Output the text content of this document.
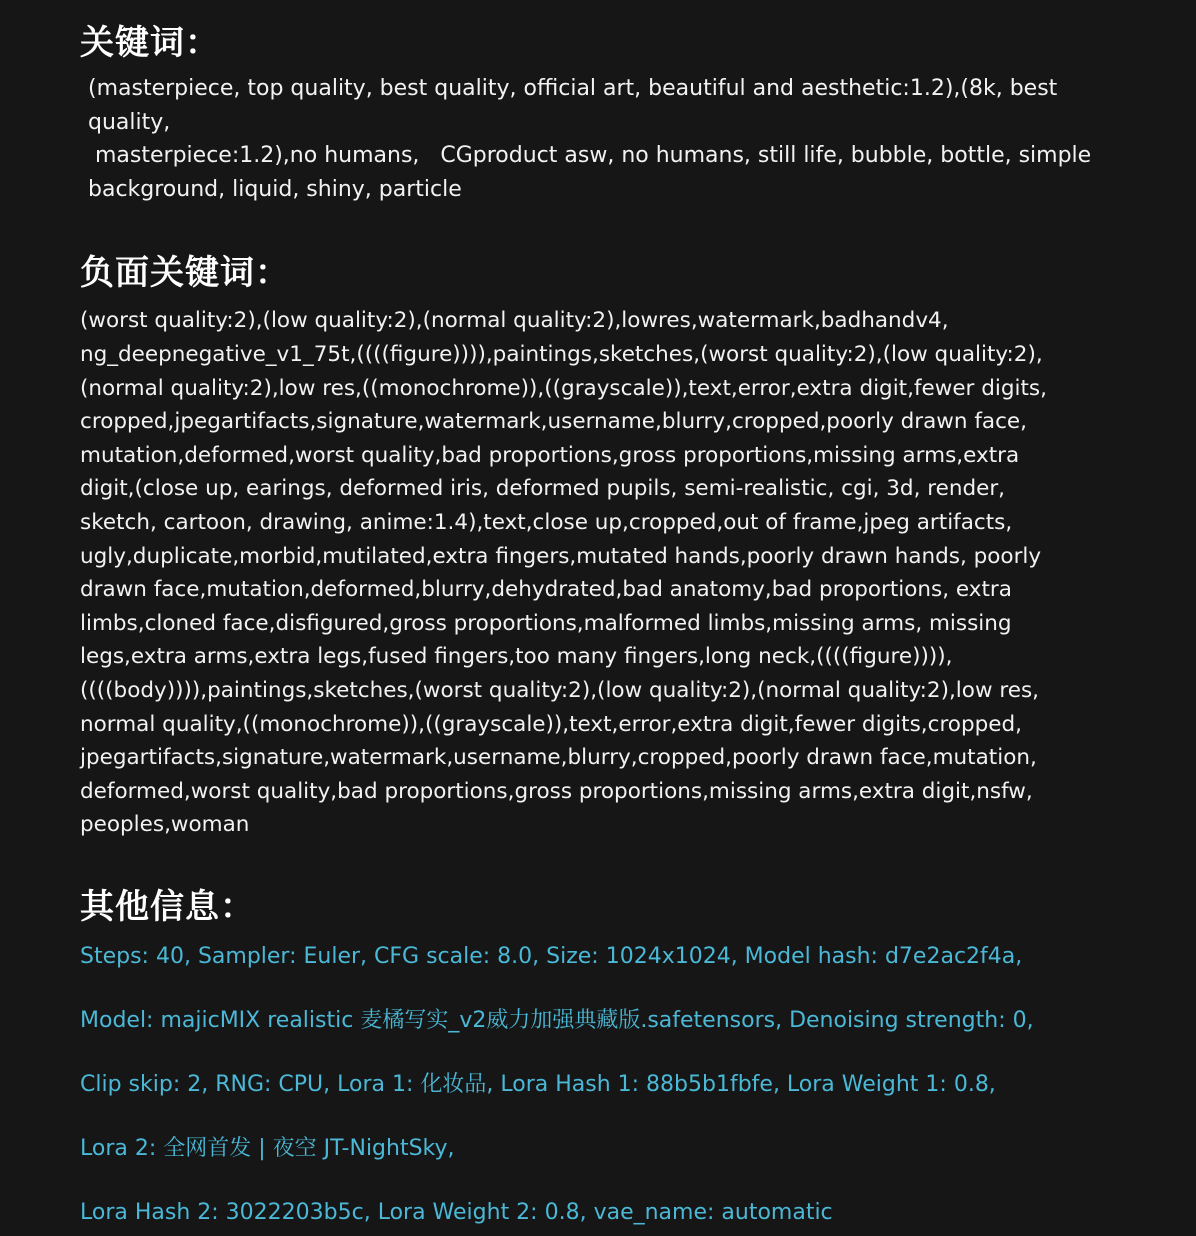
关键词：
(masterpiece, top quality, best quality, official art, beautiful and aesthetic:1.2),(8k, best quality,
masterpiece:1.2),no humans,   CGproduct asw, no humans, still life, bubble, bottle, simple
background, liquid, shiny, particle
负面关键词：
(worst quality:2),(low quality:2),(normal quality:2),lowres,watermark,badhandv4, ng_deepnegative_v1_75t,((((figure)))),paintings,sketches,(worst quality:2),(low quality:2), (normal quality:2),low res,((monochrome)),((grayscale)),text,error,extra digit,fewer digits, cropped,jpegartifacts,signature,watermark,username,blurry,cropped,poorly drawn face, mutation,deformed,worst quality,bad proportions,gross proportions,missing arms,extra digit,(close up, earings, deformed iris, deformed pupils, semi-realistic, cgi, 3d, render, sketch, cartoon, drawing, anime:1.4),text,close up,cropped,out of frame,jpeg artifacts, ugly,duplicate,morbid,mutilated,extra fingers,mutated hands,poorly drawn hands, poorly drawn face,mutation,deformed,blurry,dehydrated,bad anatomy,bad proportions, extra limbs,cloned face,disfigured,gross proportions,malformed limbs,missing arms, missing legs,extra arms,extra legs,fused fingers,too many fingers,long neck,((((figure)))), ((((body)))),paintings,sketches,(worst quality:2),(low quality:2),(normal quality:2),low res, normal quality,((monochrome)),((grayscale)),text,error,extra digit,fewer digits,cropped, jpegartifacts,signature,watermark,username,blurry,cropped,poorly drawn face,mutation, deformed,worst quality,bad proportions,gross proportions,missing arms,extra digit,nsfw, peoples,woman
其他信息：

Steps: 40, Sampler: Euler, CFG scale: 8.0, Size: 1024x1024, Model hash: d7e2ac2f4a,

Model: majicMIX realistic 麦橘写实_v2威力加强典藏版.safetensors, Denoising strength: 0,

Clip skip: 2, RNG: CPU, Lora 1: 化妆品, Lora Hash 1: 88b5b1fbfe, Lora Weight 1: 0.8,

Lora 2: 全网首发 | 夜空 JT-NightSky,

Lora Hash 2: 3022203b5c, Lora Weight 2: 0.8, vae_name: automatic
